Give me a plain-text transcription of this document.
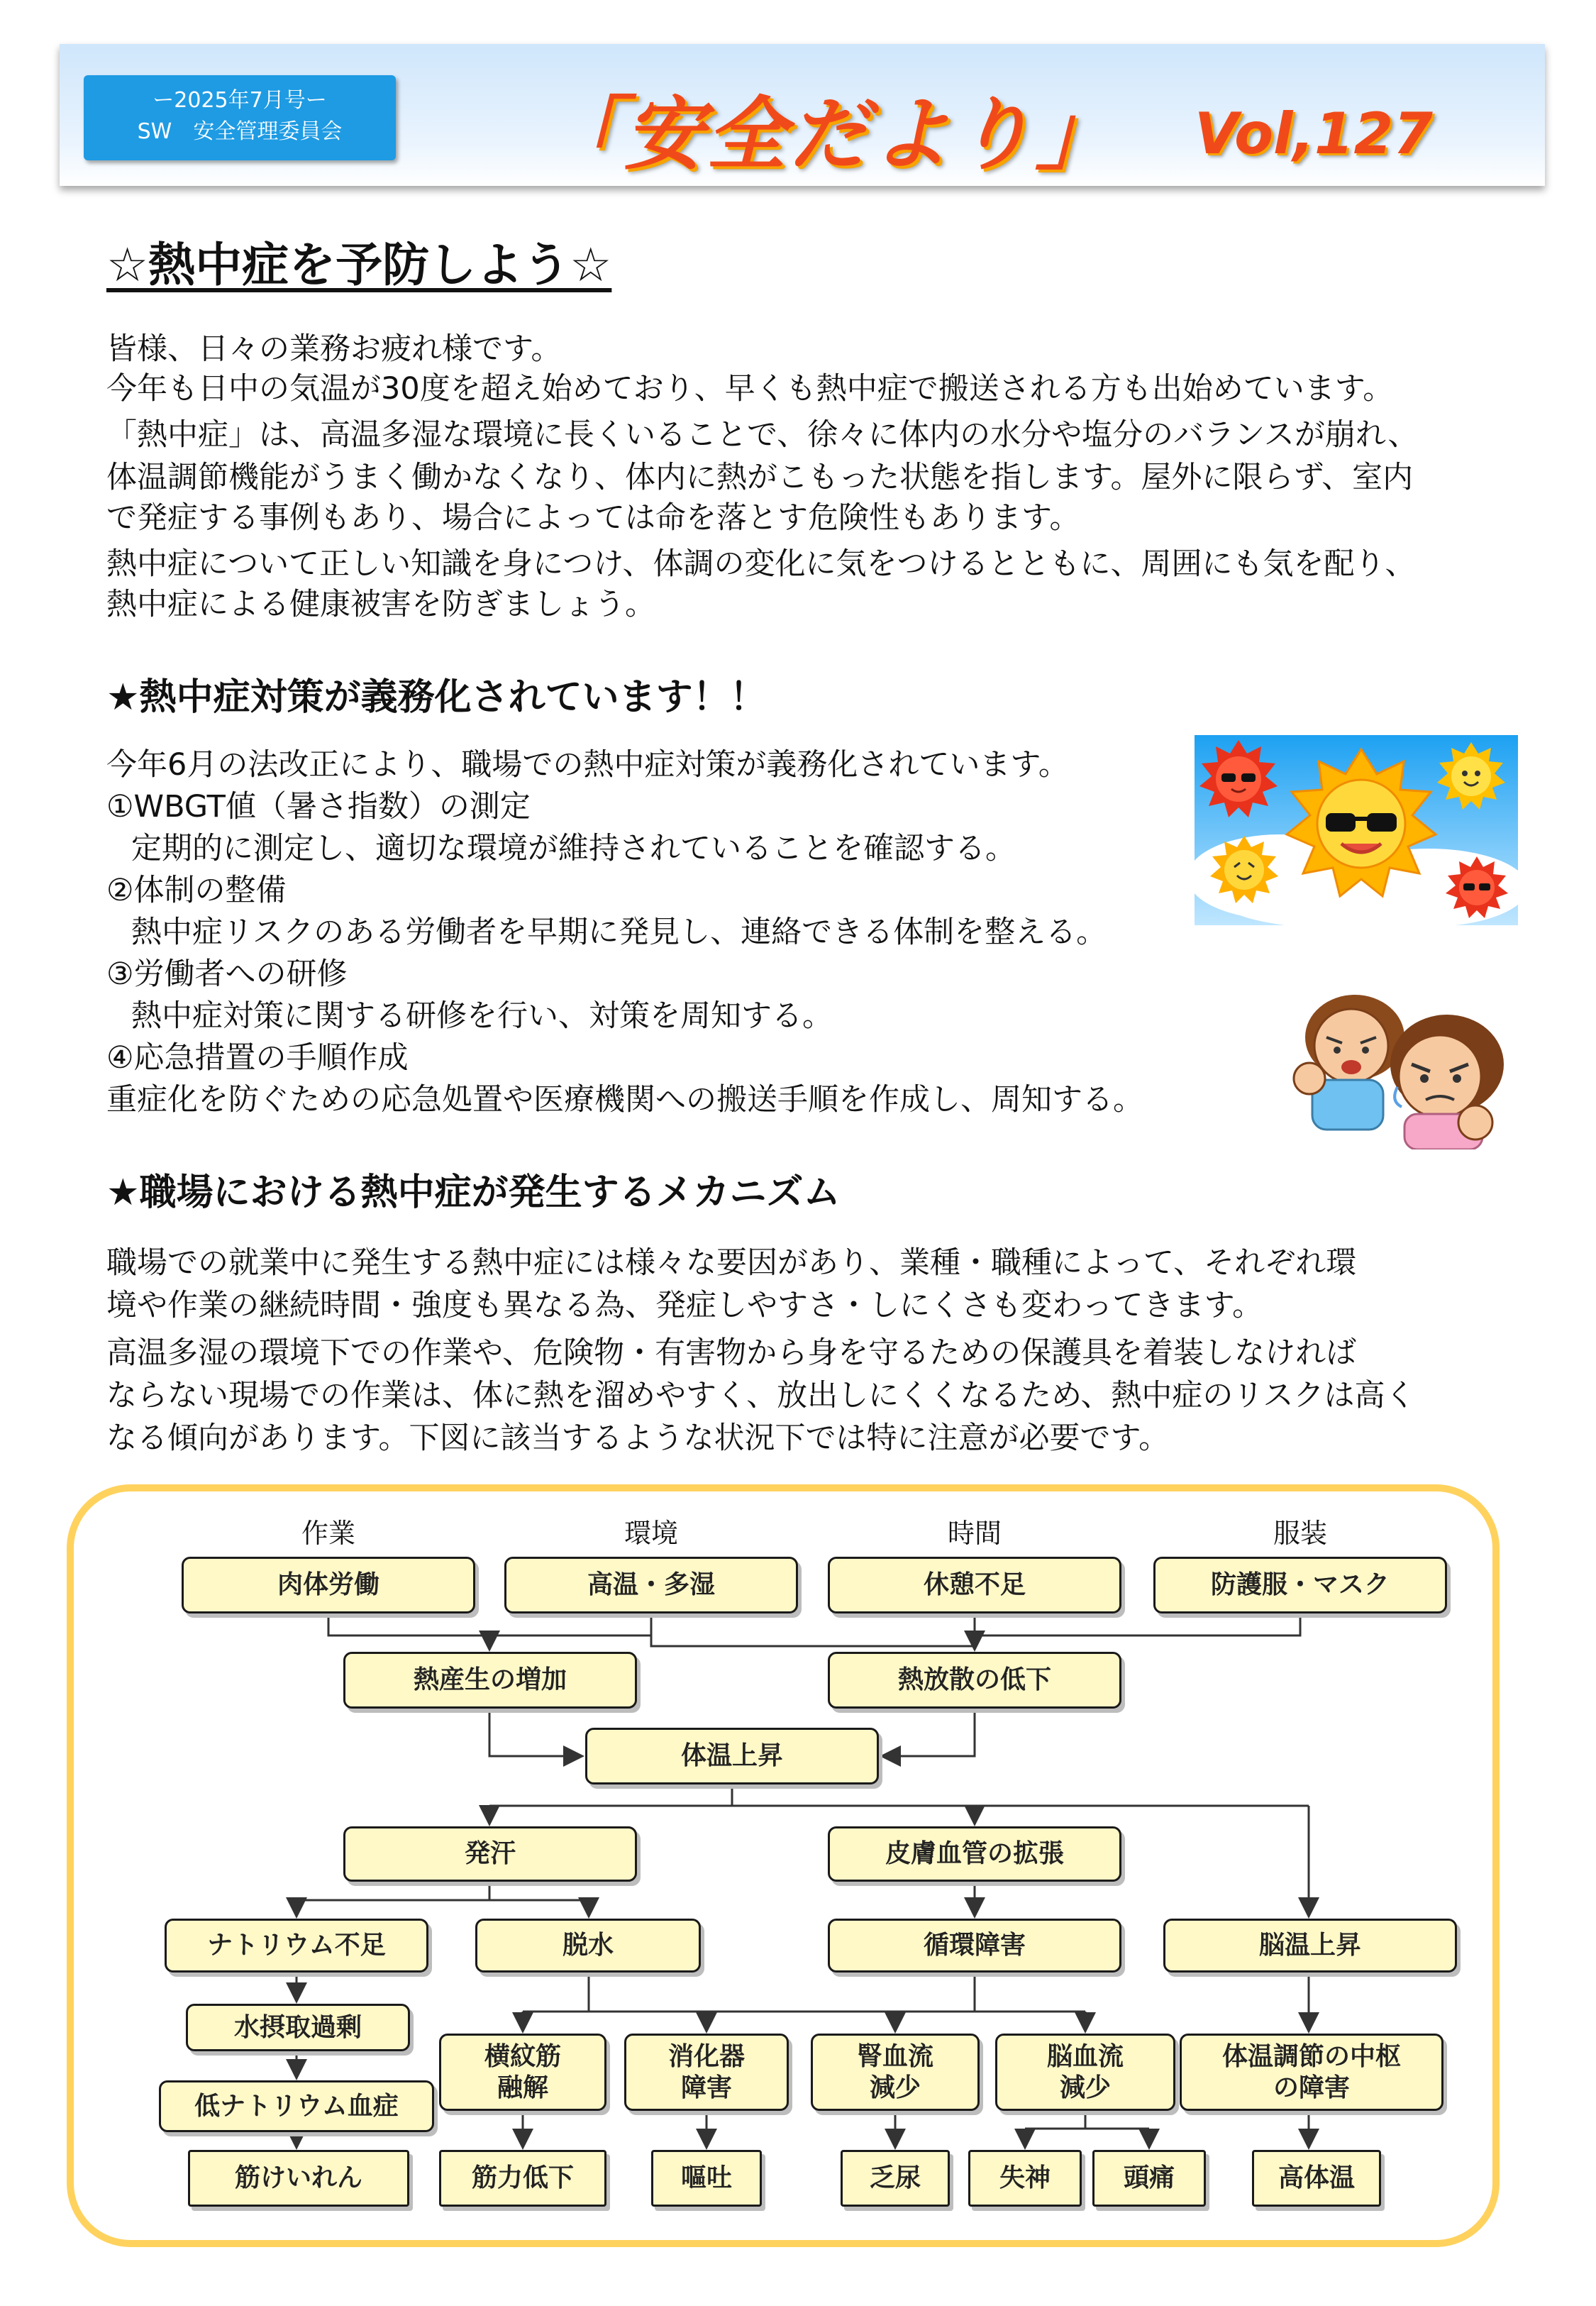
ー2025年7月号ー
SW　安全管理委員会	「安全だより」 Vol,127
☆熱中症を予防しよう☆
皆様、日々の業務お疲れ様です。
今年も日中の気温が30度を超え始めており、早くも熱中症で搬送される方も出始めています。
「熱中症」は、高温多湿な環境に長くいることで、徐々に体内の水分や塩分のバランスが崩れ、
体温調節機能がうまく働かなくなり、体内に熱がこもった状態を指します。屋外に限らず、室内
で発症する事例もあり、場合によっては命を落とす危険性もあります。
熱中症について正しい知識を身につけ、体調の変化に気をつけるとともに、周囲にも気を配り、
熱中症による健康被害を防ぎましょう。
★熱中症対策が義務化されています！！
今年6月の法改正により、職場での熱中症対策が義務化されています。
①WBGT値（暑さ指数）の測定
定期的に測定し、適切な環境が維持されていることを確認する。
②体制の整備
熱中症リスクのある労働者を早期に発見し、連絡できる体制を整える。
③労働者への研修
熱中症対策に関する研修を行い、対策を周知する。
④応急措置の手順作成
重症化を防ぐための応急処置や医療機関への搬送手順を作成し、周知する。
★職場における熱中症が発生するメカニズム
職場での就業中に発生する熱中症には様々な要因があり、業種・職種によって、それぞれ環
境や作業の継続時間・強度も異なる為、発症しやすさ・しにくさも変わってきます。
高温多湿の環境下での作業や、危険物・有害物から身を守るための保護具を着装しなければ
ならない現場での作業は、体に熱を溜めやすく、放出しにくくなるため、熱中症のリスクは高く
なる傾向があります。下図に該当するような状況下では特に注意が必要です。
作業	環境	時間	服装
肉体労働	高温・多湿	休憩不足	防護服・マスク
熱産生の増加	熱放散の低下
体温上昇
発汗	皮膚血管の拡張
ナトリウム不足	脱水	循環障害	脳温上昇
水摂取過剰
低ナトリウム血症
横紋筋
融解
消化器
障害
腎血流
減少
脳血流
減少
体温調節の中枢
の障害
筋けいれん	筋力低下	嘔吐	乏尿	失神	頭痛	高体温
